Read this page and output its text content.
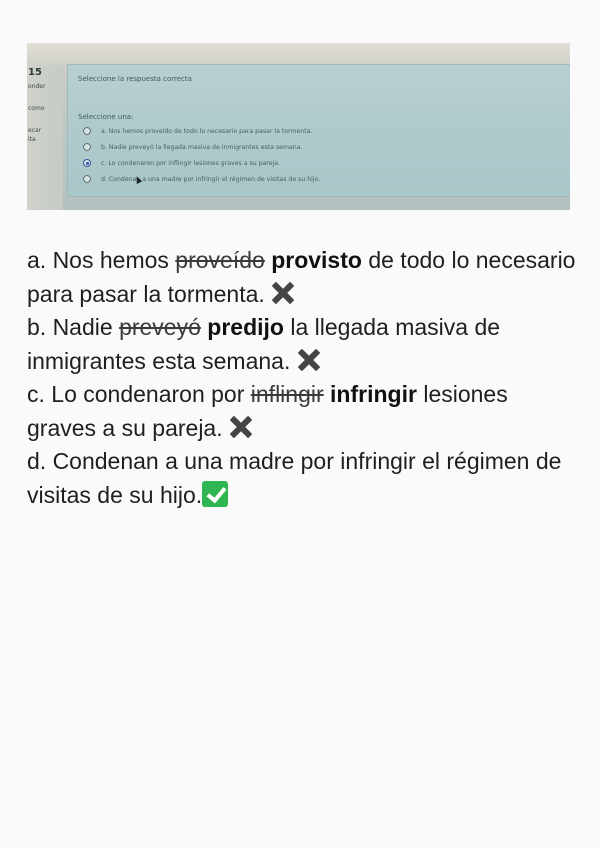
15
onder
como
ecar
ita
Seleccione la respuesta correcta
Seleccione una:
a. Nos hemos proveído de todo lo necesario para pasar la tormenta.
b. Nadie preveyó la llegada masiva de inmigrantes esta semana.
c. Lo condenaron por inflingir lesiones graves a su pareja.
d. Condenan a una madre por infringir el régimen de visitas de su hijo.

a. Nos hemos proveído provisto de todo lo necesario para pasar la tormenta.

b. Nadie preveyó predijo la llegada masiva de inmigrantes esta semana.

c. Lo condenaron por inflingir infringir lesiones graves a su pareja.

d. Condenan a una madre por infringir el régimen de visitas de su hijo.
